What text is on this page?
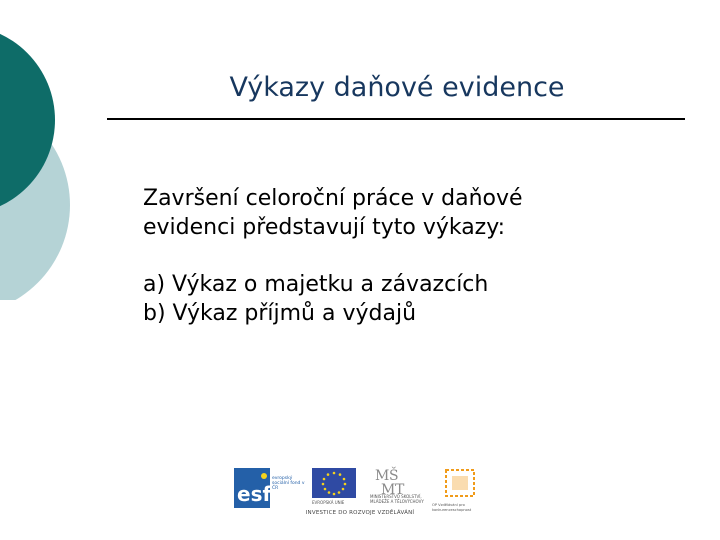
Výkazy daňové evidence
Završení celoroční práce v daňové
evidenci představují tyto výkazy:
a) Výkaz o majetku a závazcích
b) Výkaz příjmů a výdajů
esf
evropský sociální fond v ČR
EVROPSKÁ UNIE
M Š
M T
MINISTERSTVO ŠKOLSTVÍ, MLÁDEŽE A TĚLOVÝCHOVY
OP Vzdělávání pro konkurenceschopnost
INVESTICE DO ROZVOJE VZDĚLÁVÁNÍ
